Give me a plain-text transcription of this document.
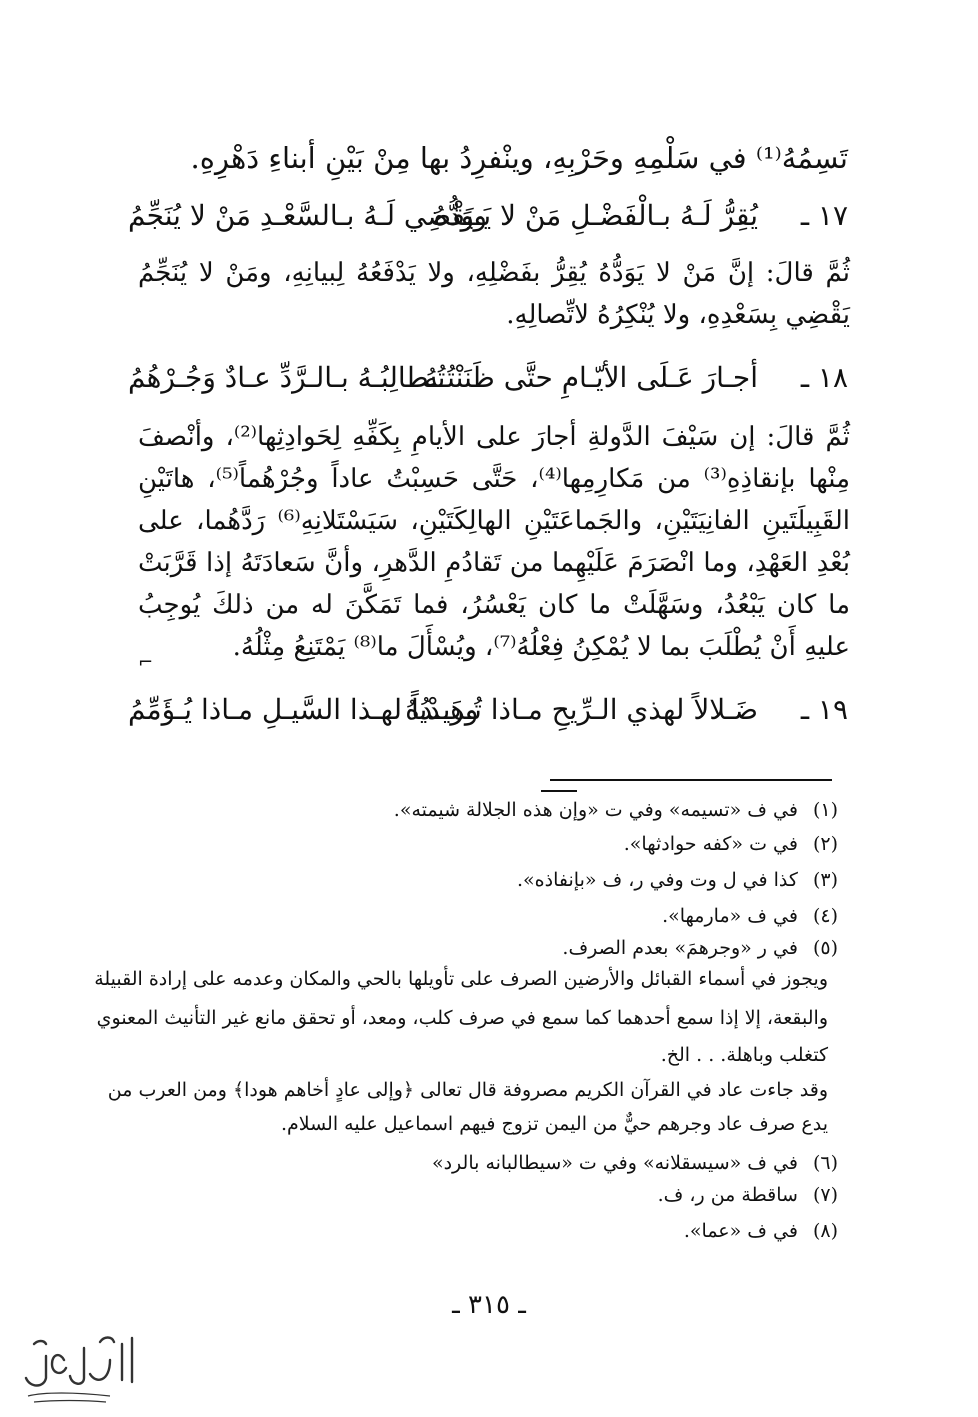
تَسِمُهُ⁽¹⁾ في سَلْمِهِ وحَرْبِهِ، وينْفرِدُ بها مِنْ بَيْنِ أبناءِ دَهْرِهِ.
١٧ ـ
يُقِرُّ لَـهُ بـالْفَضْـلِ مَنْ لا يَـوَدُّهُ
ويَقْضِي لَـهُ بـالسَّعْـدِ مَنْ لا يُنَجِّمُ
ثُمَّ قالَ: إنَّ مَنْ لا يَوَدُّهُ يُقِرُّ بفَضْلِهِ، ولا يَدْفَعُهُ لِبيانِهِ، ومَنْ لا يُنَجِّمُ يَقْضِي بِسَعْدِهِ، ولا يُنْكِرُهُ لاتِّصالِهِ.
١٨ ـ
أجـارَ عَـلَى الأيّـامِ حتَّى ظَنَنْتُـهُ
تُـطالِبُـهُ بـالـرَّدِّ عـادٌ وَجُـرْهُمُ
ثُمَّ قالَ: إن سَيْفَ الدَّولةِ أجارَ على الأيامِ بِكَفِّهِ لِحَوادِثِها⁽²⁾، وأنْصفَ مِنْها بإنقاذِهِ⁽³⁾ من مَكارِمِها⁽⁴⁾، حَتَّى حَسِبْتُ عاداً وجُرْهُماً⁽⁵⁾، هاتَيْنِ القَبِيلَتَينِ الفانِيَتَيْنِ، والجَماعَتَيْنِ الهالِكَتَيْنِ، سَيَسْتَلانِهِ⁽⁶⁾ رَدَّهُما، على بُعْدِ العَهْدِ، وما انْصَرَمَ عَلَيْهِما من تَقادُمِ الدَّهرِ، وأنَّ سَعادَتَهُ إذا قَرَّبَتْ ما كان يَبْعُدُ، وسَهَّلَتْ ما كان يَعْسُرُ، فما تَمَكَّنَ له من ذلكَ يُوجِبُ عليهِ أَنْ يُطْلَبَ بما لا يُمْكِنُ فِعْلُهُ⁽⁷⁾، ويُسْأَلَ ما⁽⁸⁾ يَمْتَنِعُ مِثْلُهُ.
⌐
١٩ ـ
ضَـلالاً لهذي الـرِّيحِ مـاذا تُـريـدُهُ
وهَـدْياً لهـذا السَّيـلِ مـاذا يُـؤَمِّمُ
(١) في ف «تسيمه» وفي ت «وإن هذه الجلالة شيمته».
(٢) في ت «كفه حوادثها».
(٣) كذا في ل وت وفي ر، ف «بإنفاذه».
(٤) في ف «مارمها».
(٥) في ر «وجرهمَ» بعدم الصرف.
ويجوز في أسماء القبائل والأرضين الصرف على تأويلها بالحي والمكان وعدمه على إرادة القبيلة
والبقعة، إلا إذا سمع أحدهما كما سمع في صرف كلب، ومعد، أو تحقق مانع غير التأنيث المعنوي
كتغلب وباهلة. . . الخ.
وقد جاءت عاد في القرآن الكريم مصروفة قال تعالى ﴿وإلى عادٍ أخاهم هودا﴾ ومن العرب من
يدع صرف عاد وجرهم حيٌّ من اليمن تزوج فيهم اسماعيل عليه السلام.
(٦) في ف «سيسقلانه» وفي ت «سيطالبانه بالرد»
(٧) ساقطة من ر، ف.
(٨) في ف «عما».
ـ ٣١٥ ـ
